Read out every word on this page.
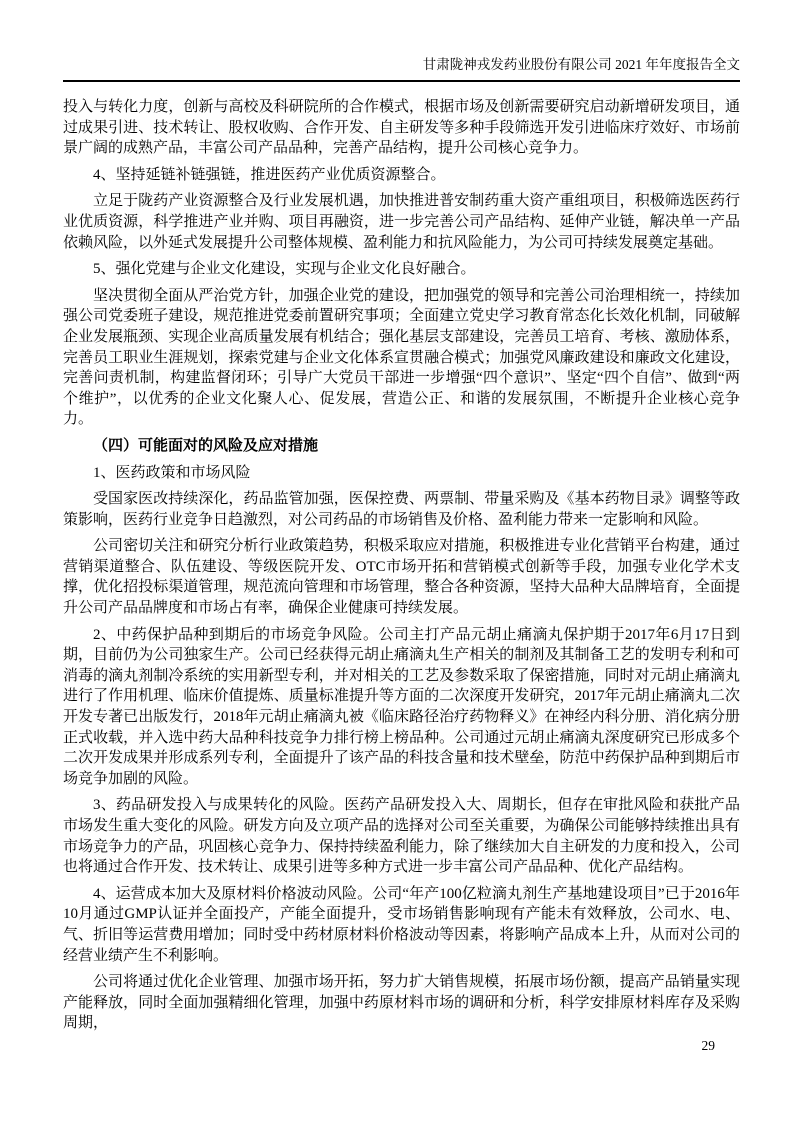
甘肃陇神戎发药业股份有限公司 2021 年年度报告全文

投入与转化力度，创新与高校及科研院所的合作模式，根据市场及创新需要研究启动新增研发项目，通过成果引进、技术转让、股权收购、合作开发、自主研发等多种手段筛选开发引进临床疗效好、市场前景广阔的成熟产品，丰富公司产品品种，完善产品结构，提升公司核心竞争力。

4、坚持延链补链强链，推进医药产业优质资源整合。

立足于陇药产业资源整合及行业发展机遇，加快推进普安制药重大资产重组项目，积极筛选医药行业优质资源，科学推进产业并购、项目再融资，进一步完善公司产品结构、延伸产业链，解决单一产品依赖风险，以外延式发展提升公司整体规模、盈利能力和抗风险能力，为公司可持续发展奠定基础。

5、强化党建与企业文化建设，实现与企业文化良好融合。

坚决贯彻全面从严治党方针，加强企业党的建设，把加强党的领导和完善公司治理相统一，持续加强公司党委班子建设，规范推进党委前置研究事项；全面建立党史学习教育常态化长效化机制，同破解企业发展瓶颈、实现企业高质量发展有机结合；强化基层支部建设，完善员工培育、考核、激励体系，完善员工职业生涯规划，探索党建与企业文化体系宣贯融合模式；加强党风廉政建设和廉政文化建设，完善问责机制，构建监督闭环；引导广大党员干部进一步增强“四个意识”、坚定“四个自信”、做到“两个维护”，以优秀的企业文化聚人心、促发展，营造公正、和谐的发展氛围，不断提升企业核心竞争力。

（四）可能面对的风险及应对措施

1、医药政策和市场风险

受国家医改持续深化，药品监管加强，医保控费、两票制、带量采购及《基本药物目录》调整等政策影响，医药行业竞争日趋激烈，对公司药品的市场销售及价格、盈利能力带来一定影响和风险。

公司密切关注和研究分析行业政策趋势，积极采取应对措施，积极推进专业化营销平台构建，通过营销渠道整合、队伍建设、等级医院开发、OTC市场开拓和营销模式创新等手段，加强专业化学术支撑，优化招投标渠道管理，规范流向管理和市场管理，整合各种资源，坚持大品种大品牌培育，全面提升公司产品品牌度和市场占有率，确保企业健康可持续发展。

2、中药保护品种到期后的市场竞争风险。公司主打产品元胡止痛滴丸保护期于2017年6月17日到期，目前仍为公司独家生产。公司已经获得元胡止痛滴丸生产相关的制剂及其制备工艺的发明专利和可消毒的滴丸剂制冷系统的实用新型专利，并对相关的工艺及参数采取了保密措施，同时对元胡止痛滴丸进行了作用机理、临床价值提炼、质量标准提升等方面的二次深度开发研究，2017年元胡止痛滴丸二次开发专著已出版发行，2018年元胡止痛滴丸被《临床路径治疗药物释义》在神经内科分册、消化病分册正式收载，并入选中药大品种科技竞争力排行榜上榜品种。公司通过元胡止痛滴丸深度研究已形成多个二次开发成果并形成系列专利，全面提升了该产品的科技含量和技术壁垒，防范中药保护品种到期后市场竞争加剧的风险。

3、药品研发投入与成果转化的风险。医药产品研发投入大、周期长，但存在审批风险和获批产品市场发生重大变化的风险。研发方向及立项产品的选择对公司至关重要，为确保公司能够持续推出具有市场竞争力的产品，巩固核心竞争力、保持持续盈利能力，除了继续加大自主研发的力度和投入，公司也将通过合作开发、技术转让、成果引进等多种方式进一步丰富公司产品品种、优化产品结构。

4、运营成本加大及原材料价格波动风险。公司“年产100亿粒滴丸剂生产基地建设项目”已于2016年10月通过GMP认证并全面投产，产能全面提升，受市场销售影响现有产能未有效释放，公司水、电、气、折旧等运营费用增加；同时受中药材原材料价格波动等因素，将影响产品成本上升，从而对公司的经营业绩产生不利影响。

公司将通过优化企业管理、加强市场开拓，努力扩大销售规模，拓展市场份额，提高产品销量实现产能释放，同时全面加强精细化管理，加强中药原材料市场的调研和分析，科学安排原材料库存及采购周期，

29
